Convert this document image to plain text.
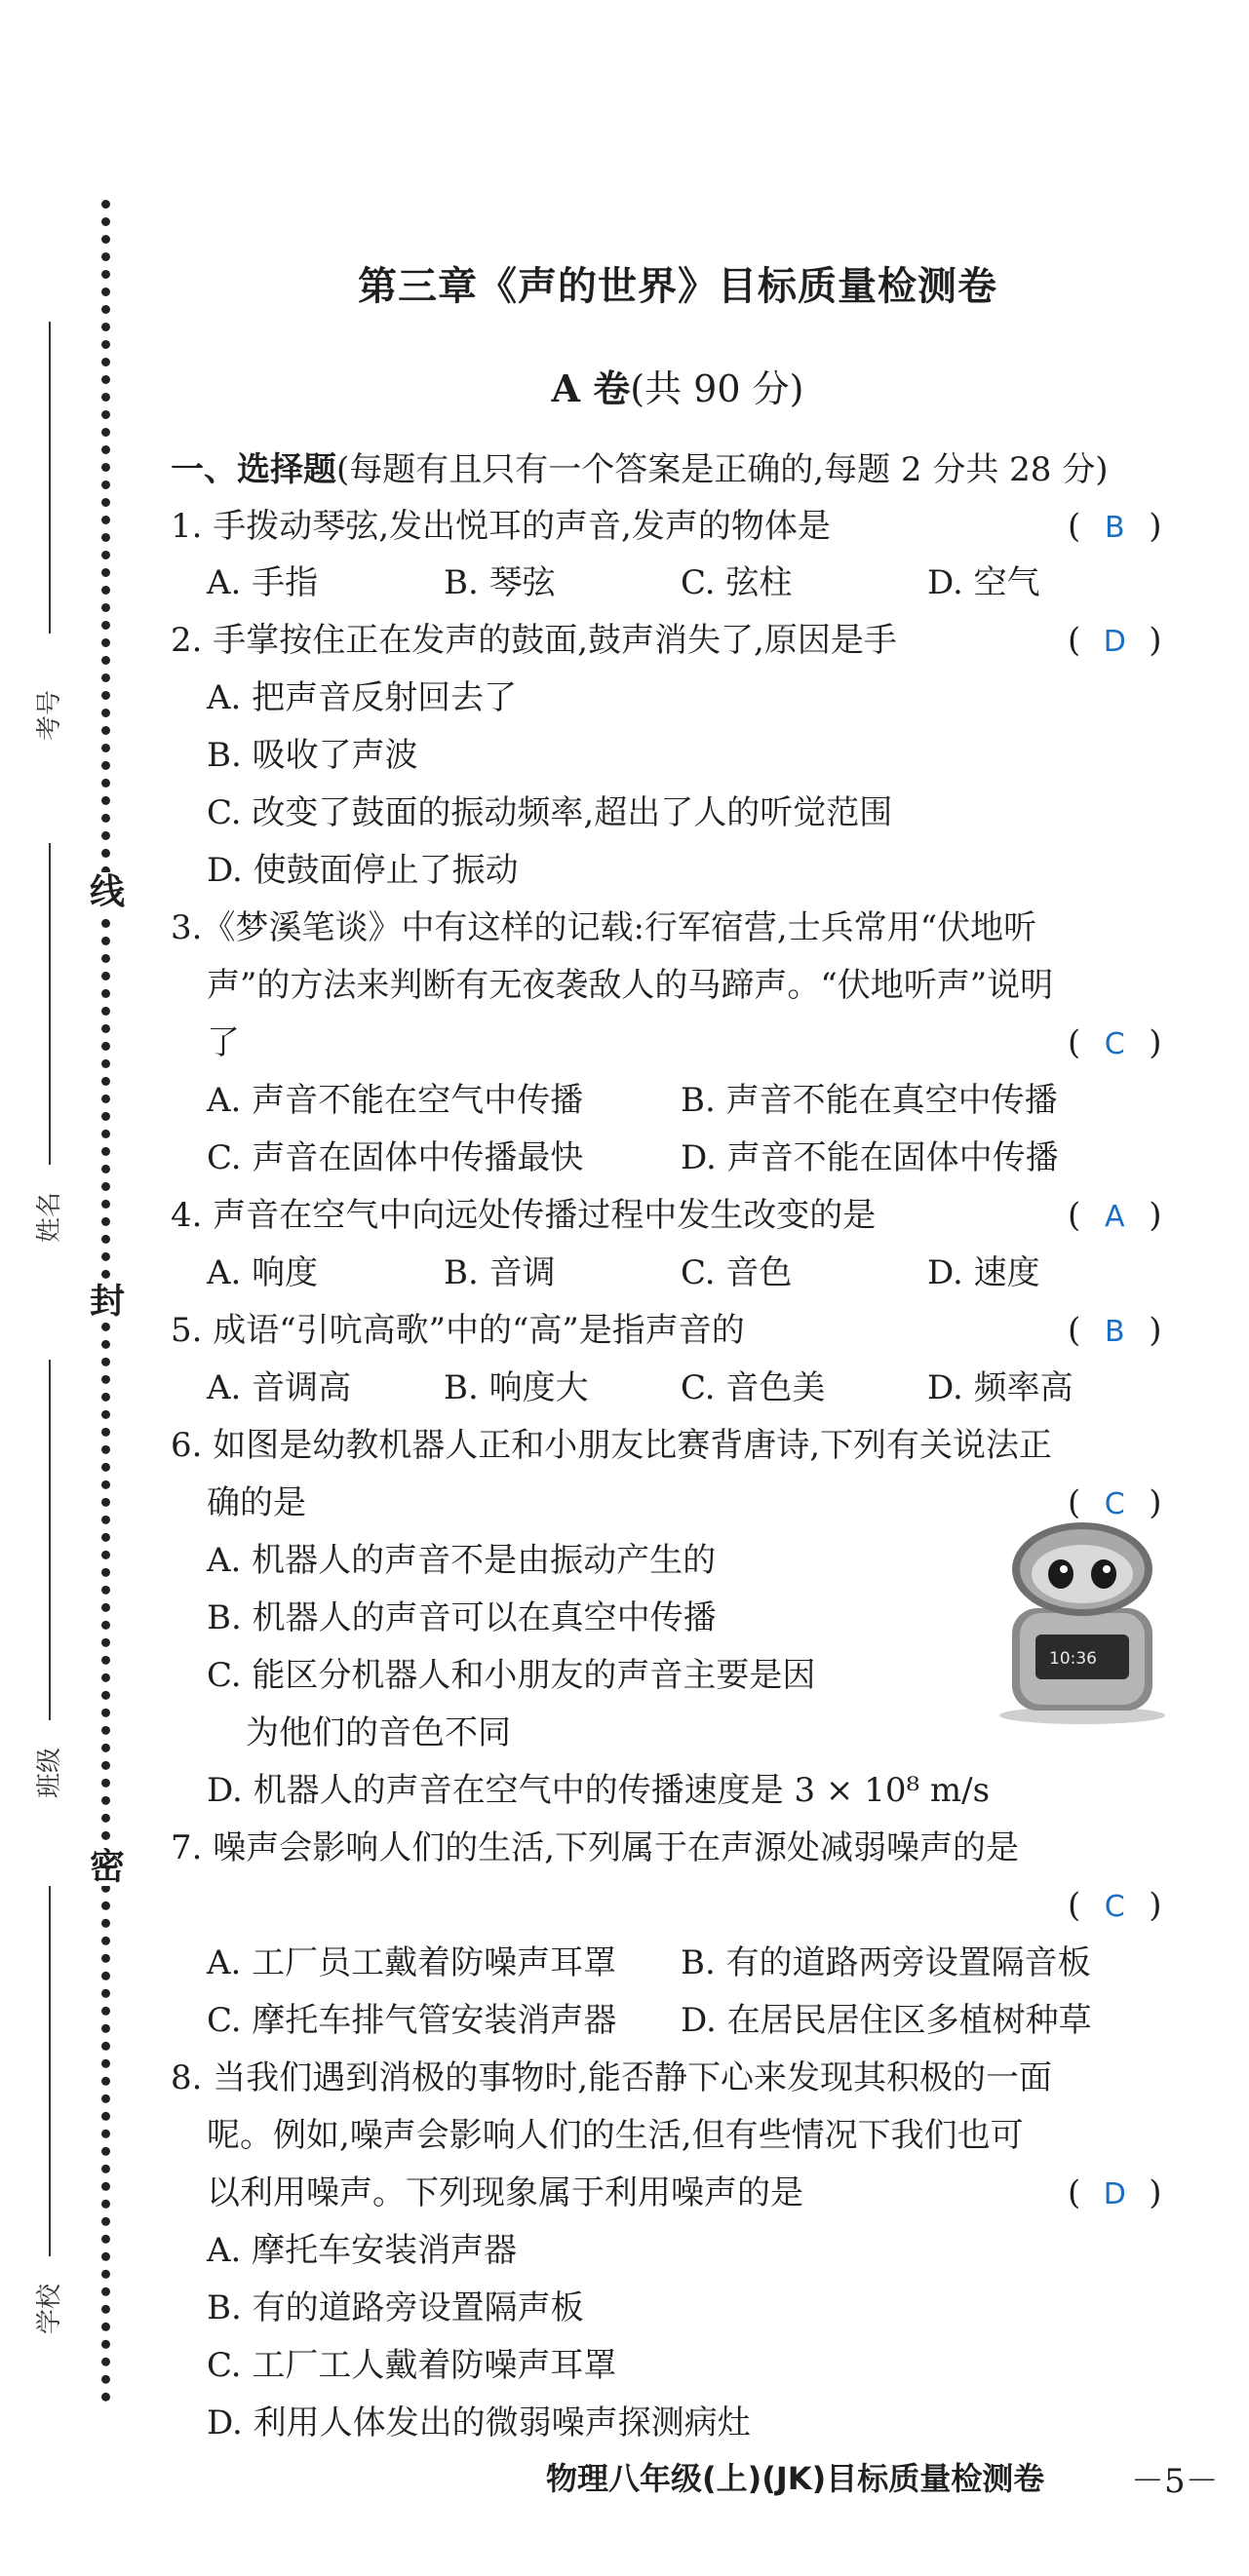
线
封
密
考号
姓名
班级
学校
第三章《声的世界》目标质量检测卷
A 卷(共 90 分)
一、选择题(每题有且只有一个答案是正确的,每题 2 分共 28 分)
1. 手拨动琴弦,发出悦耳的声音,发声的物体是	( B )
A. 手指	B. 琴弦	C. 弦柱	D. 空气
2. 手掌按住正在发声的鼓面,鼓声消失了,原因是手	( D )
A. 把声音反射回去了
B. 吸收了声波
C. 改变了鼓面的振动频率,超出了人的听觉范围
D. 使鼓面停止了振动
3.《梦溪笔谈》中有这样的记载:行军宿营,士兵常用“伏地听
声”的方法来判断有无夜袭敌人的马蹄声。“伏地听声”说明
了	( C )
A. 声音不能在空气中传播	B. 声音不能在真空中传播
C. 声音在固体中传播最快	D. 声音不能在固体中传播
4. 声音在空气中向远处传播过程中发生改变的是	( A )
A. 响度	B. 音调	C. 音色	D. 速度
5. 成语“引吭高歌”中的“高”是指声音的	( B )
A. 音调高	B. 响度大	C. 音色美	D. 频率高
6. 如图是幼教机器人正和小朋友比赛背唐诗,下列有关说法正
确的是	( C )
A. 机器人的声音不是由振动产生的
B. 机器人的声音可以在真空中传播
C. 能区分机器人和小朋友的声音主要是因
为他们的音色不同
D. 机器人的声音在空气中的传播速度是 3 × 10⁸ m/s
10:36
7. 噪声会影响人们的生活,下列属于在声源处减弱噪声的是
( C )
A. 工厂员工戴着防噪声耳罩 B. 有的道路两旁设置隔音板
C. 摩托车排气管安装消声器 D. 在居民居住区多植树种草
8. 当我们遇到消极的事物时,能否静下心来发现其积极的一面
呢。例如,噪声会影响人们的生活,但有些情况下我们也可
以利用噪声。下列现象属于利用噪声的是	( D )
A. 摩托车安装消声器
B. 有的道路旁设置隔声板
C. 工厂工人戴着防噪声耳罩
D. 利用人体发出的微弱噪声探测病灶
物理八年级(上)(JK)目标质量检测卷	－5－
